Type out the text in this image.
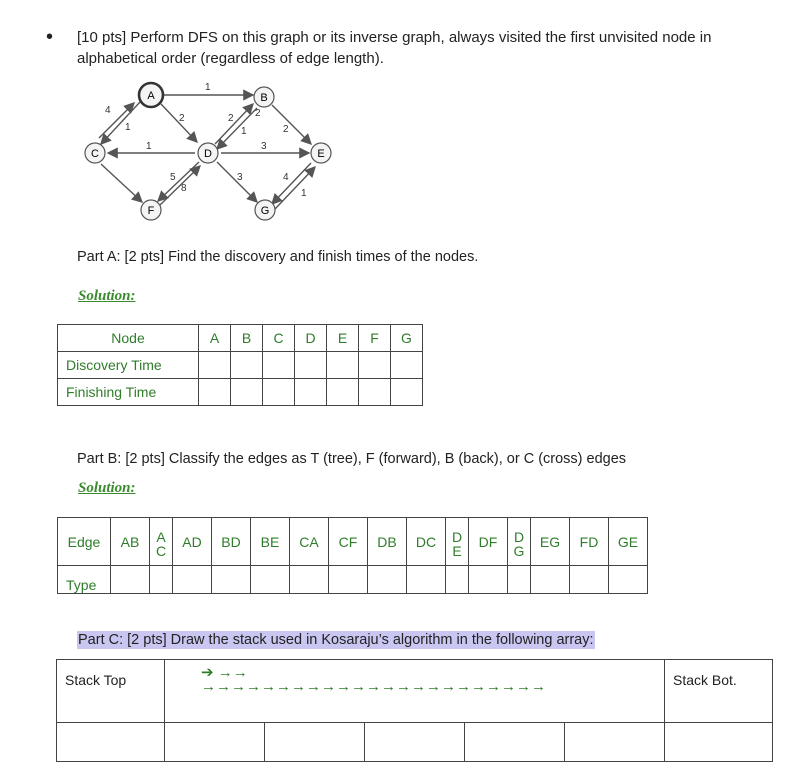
• [10 pts] Perform DFS on this graph or its inverse graph, always visited the first unvisited node in alphabetical order (regardless of edge length).
1
4
1
2
1
2
1
3
2
2
5
8
3	4
1
A	B
C	D	E
F	G
Part A: [2 pts] Find the discovery and finish times of the nodes.
Solution:
Node	A	B	C	D	E	F	G
Discovery Time							
Finishing Time							
Part B: [2 pts] Classify the edges as T (tree), F (forward), B (back), or C (cross) edges
Solution:
Edge	AB	A C	AD	BD	BE	CA	CF	DB	DC	D E	DF	D G	EG	FD	GE
Type															
Part C: [2 pts] Draw the stack used in Kosaraju’s algorithm in the following array:
Stack Top	➔ →→
→→→→→→→→→→→→→→→→→→→→→→→					Stack Bot.
